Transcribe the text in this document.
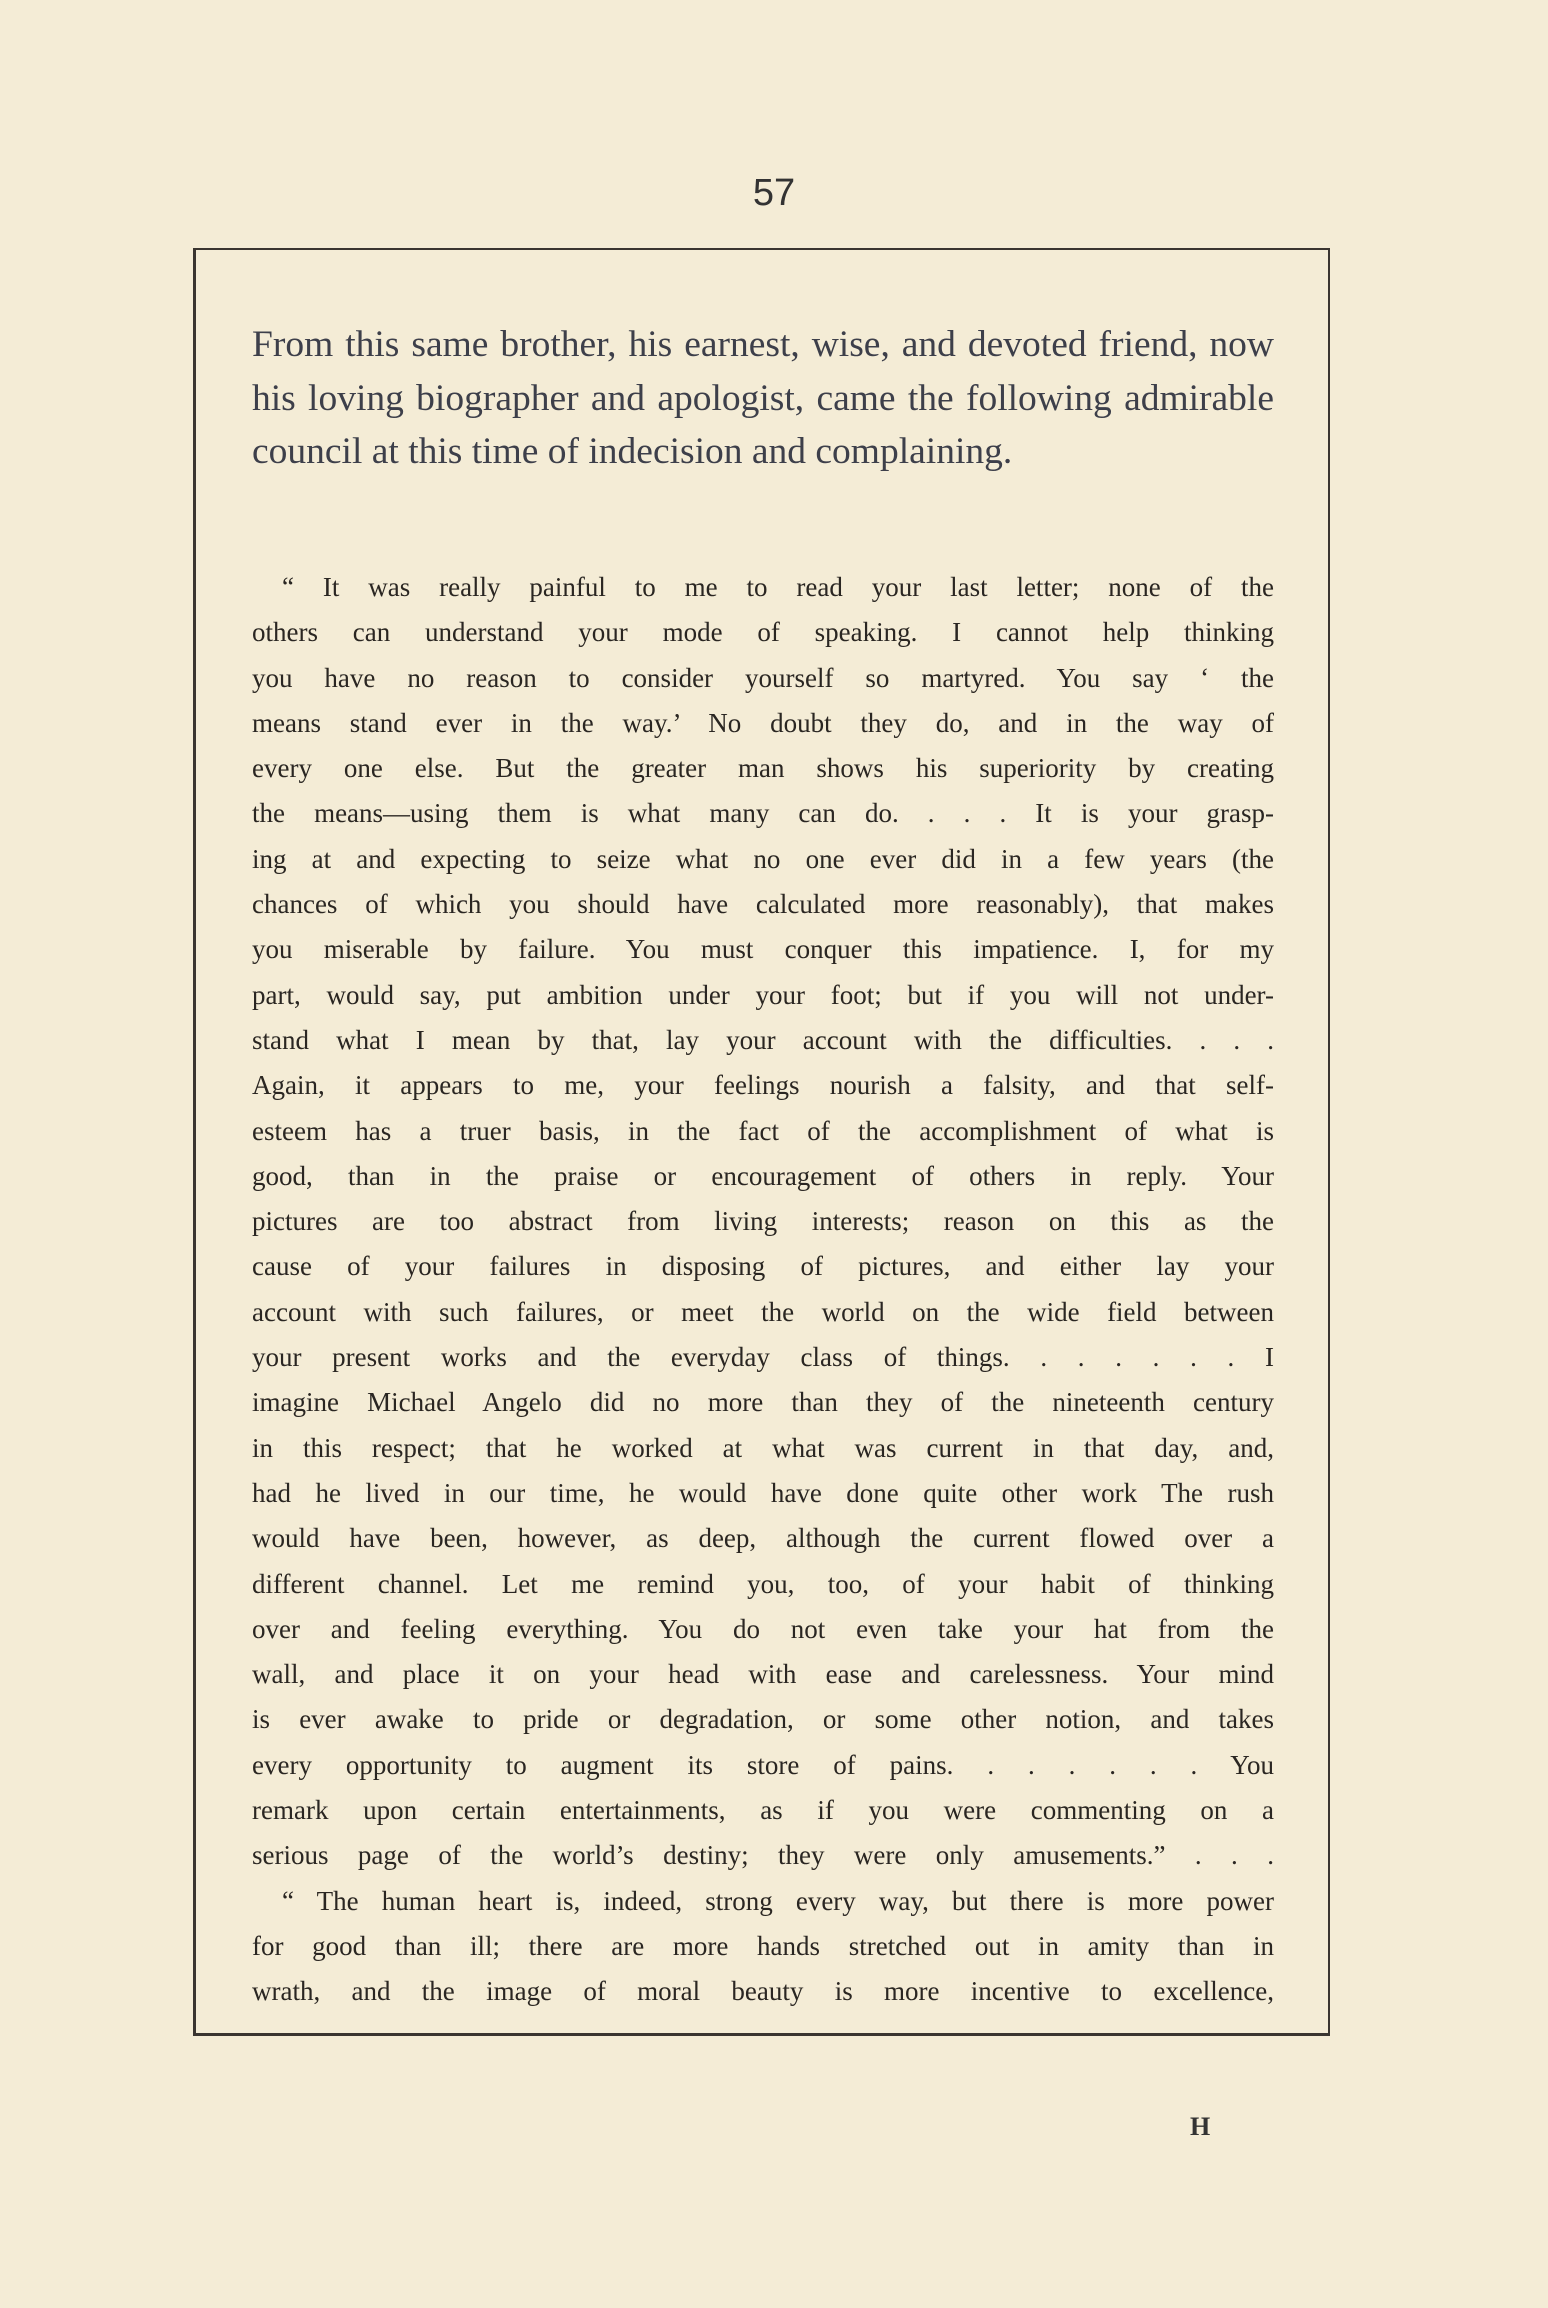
57

From this same brother, his earnest, wise, and devoted friend, now his loving biographer and apologist, came the following admirable council at this time of indecision and complaining.

“ It was really painful to me to read your last letter; none of the
others can understand your mode of speaking. I cannot help thinking
you have no reason to consider yourself so martyred. You say ‘ the
means stand ever in the way.’ No doubt they do, and in the way of
every one else. But the greater man shows his superiority by creating
the means—using them is what many can do. . . . It is your grasp-
ing at and expecting to seize what no one ever did in a few years (the
chances of which you should have calculated more reasonably), that makes
you miserable by failure. You must conquer this impatience. I, for my
part, would say, put ambition under your foot; but if you will not under-
stand what I mean by that, lay your account with the difficulties. . . .
Again, it appears to me, your feelings nourish a falsity, and that self-
esteem has a truer basis, in the fact of the accomplishment of what is
good, than in the praise or encouragement of others in reply. Your
pictures are too abstract from living interests; reason on this as the
cause of your failures in disposing of pictures, and either lay your
account with such failures, or meet the world on the wide field between
your present works and the everyday class of things. . . . . . . I
imagine Michael Angelo did no more than they of the nineteenth century
in this respect; that he worked at what was current in that day, and,
had he lived in our time, he would have done quite other work The rush
would have been, however, as deep, although the current flowed over a
different channel. Let me remind you, too, of your habit of thinking
over and feeling everything. You do not even take your hat from the
wall, and place it on your head with ease and carelessness. Your mind
is ever awake to pride or degradation, or some other notion, and takes
every opportunity to augment its store of pains. . . . . . . You
remark upon certain entertainments, as if you were commenting on a
serious page of the world’s destiny; they were only amusements.” . . .
“ The human heart is, indeed, strong every way, but there is more power
for good than ill; there are more hands stretched out in amity than in
wrath, and the image of moral beauty is more incentive to excellence,
H
